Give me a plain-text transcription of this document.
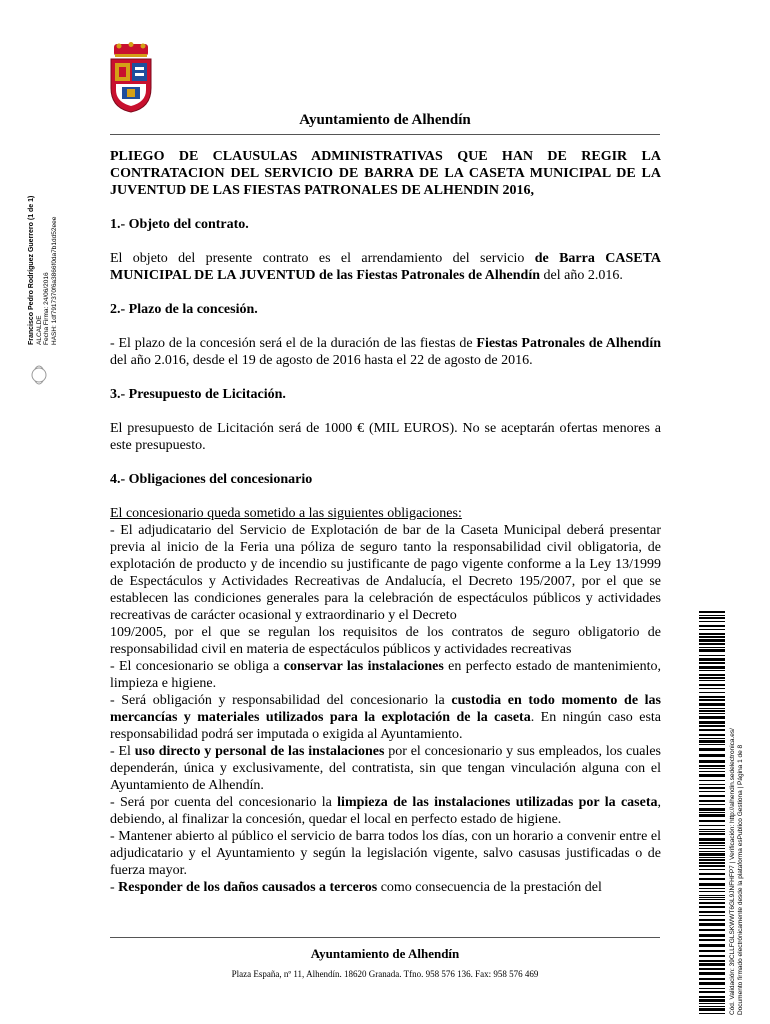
Ayuntamiento de Alhendín

PLIEGO DE CLAUSULAS ADMINISTRATIVAS QUE HAN DE REGIR LA CONTRATACION DEL SERVICIO DE BARRA DE LA CASETA MUNICIPAL DE LA JUVENTUD DE LAS FIESTAS PATRONALES DE ALHENDIN 2016,

1.- Objeto del contrato.

El objeto del presente contrato es el arrendamiento del servicio de Barra CASETA MUNICIPAL DE LA JUVENTUD de las Fiestas Patronales de Alhendín del año 2.016.

2.- Plazo de la concesión.

- El plazo de la concesión será el de la duración de las fiestas de Fiestas Patronales de Alhendín del año 2.016, desde el 19 de agosto de 2016 hasta el 22 de agosto de 2016.

3.- Presupuesto de Licitación.

El presupuesto de Licitación será de 1000 € (MIL EUROS). No se aceptarán ofertas menores a este presupuesto.

4.- Obligaciones del concesionario

El concesionario queda sometido a las siguientes obligaciones:

- El adjudicatario del Servicio de Explotación de bar de la Caseta Municipal deberá presentar previa al inicio de la Feria una póliza de seguro tanto la responsabilidad civil obligatoria, de explotación de producto y de incendio su justificante de pago vigente conforme a la Ley 13/1999 de Espectáculos y Actividades Recreativas de Andalucía, el Decreto 195/2007, por el que se establecen las condiciones generales para la celebración de espectáculos públicos y actividades recreativas de carácter ocasional y extraordinario y el Decreto

109/2005, por el que se regulan los requisitos de los contratos de seguro obligatorio de responsabilidad civil en materia de espectáculos públicos y actividades recreativas

- El concesionario se obliga a conservar las instalaciones en perfecto estado de mantenimiento, limpieza e higiene.

- Será obligación y responsabilidad del concesionario la custodia en todo momento de las mercancías y materiales utilizados para la explotación de la caseta. En ningún caso esta responsabilidad podrá ser imputada o exigida al Ayuntamiento.

- El uso directo y personal de las instalaciones por el concesionario y sus empleados, los cuales dependerán, única y exclusivamente, del contratista, sin que tengan vinculación alguna con el Ayuntamiento de Alhendín.

- Será por cuenta del concesionario la limpieza de las instalaciones utilizadas por la caseta, debiendo, al finalizar la concesión, quedar el local en perfecto estado de higiene.

- Mantener abierto al público el servicio de barra todos los días, con un horario a convenir entre el adjudicatario y el Ayuntamiento y según la legislación vigente, salvo casusas justificadas o de fuerza mayor.

- Responder de los daños causados a terceros como consecuencia de la prestación del

Ayuntamiento de Alhendín
Plaza España, nº 11, Alhendín. 18620 Granada. Tfno. 958 576 136. Fax: 958 576 469
Francisco Pedro Rodríguez Guerrero (1 de 1) ALCALDE Fecha Firma: 24/06/2016 HASH: 1df7917370f6a3866f0da7b1dd52eee
Cód. Validación: 39CLLFGLSKWWT6GL9JNFHFP7 | Verificación: http://alhendin.sedelectronica.es/ Documento firmado electrónicamente desde la plataforma esPublico Gestiona | Página 1 de 8
